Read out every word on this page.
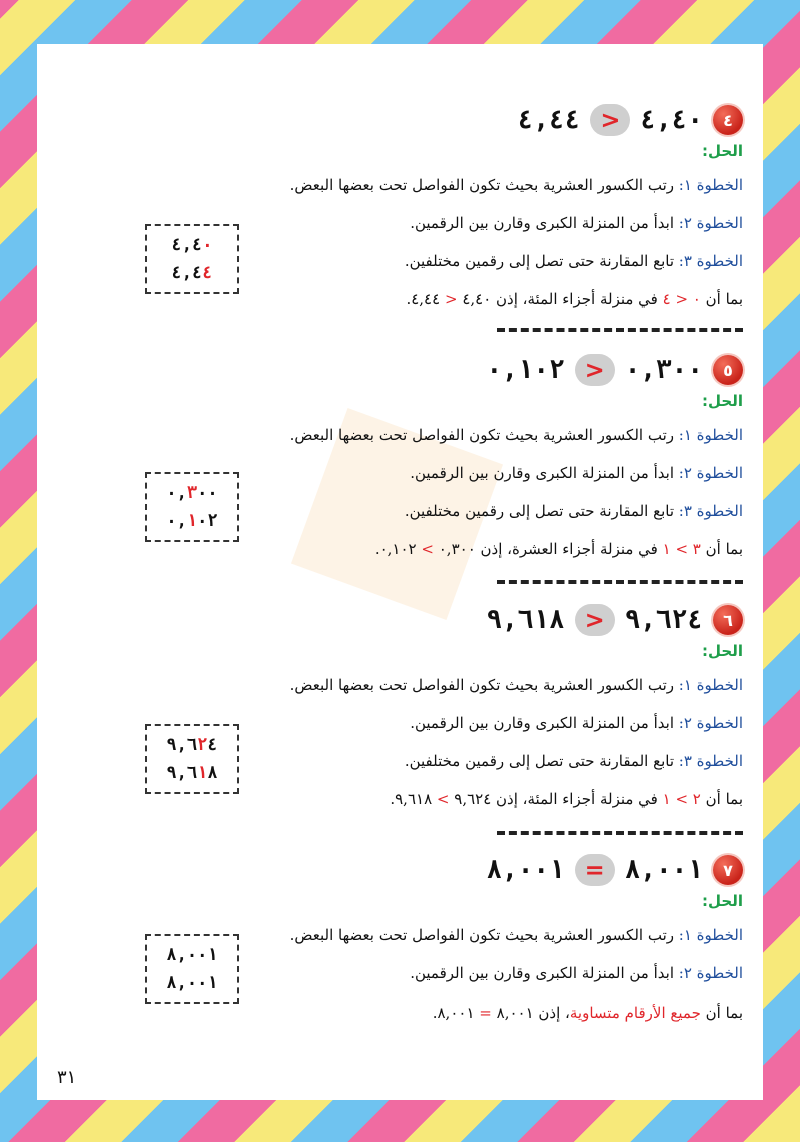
٤
٤,٤٠
>
٤,٤٤
الحل:
الخطوة ١: رتب الكسور العشرية بحيث تكون الفواصل تحت بعضها البعض.
الخطوة ٢: ابدأ من المنزلة الكبرى وقارن بين الرقمين.
الخطوة ٣: تابع المقارنة حتى تصل إلى رقمين مختلفين.
بما أن ٠ < ٤ في منزلة أجزاء المئة، إذن ٤,٤٠ < ٤,٤٤.
٤,٤٠
٤,٤٤
٥
٠,٣٠٠
>
٠,١٠٢
الحل:
الخطوة ١: رتب الكسور العشرية بحيث تكون الفواصل تحت بعضها البعض.
الخطوة ٢: ابدأ من المنزلة الكبرى وقارن بين الرقمين.
الخطوة ٣: تابع المقارنة حتى تصل إلى رقمين مختلفين.
بما أن ٣ > ١ في منزلة أجزاء العشرة، إذن ٠,٣٠٠ > ٠,١٠٢.
٠,٣٠٠
٠,١٠٢
٦
٩,٦٢٤
>
٩,٦١٨
الحل:
الخطوة ١: رتب الكسور العشرية بحيث تكون الفواصل تحت بعضها البعض.
الخطوة ٢: ابدأ من المنزلة الكبرى وقارن بين الرقمين.
الخطوة ٣: تابع المقارنة حتى تصل إلى رقمين مختلفين.
بما أن ٢ > ١ في منزلة أجزاء المئة، إذن ٩,٦٢٤ > ٩,٦١٨.
٩,٦٢٤
٩,٦١٨
٧
٨,٠٠١
=
٨,٠٠١
الحل:
الخطوة ١: رتب الكسور العشرية بحيث تكون الفواصل تحت بعضها البعض.
الخطوة ٢: ابدأ من المنزلة الكبرى وقارن بين الرقمين.
بما أن جميع الأرقام متساوية، إذن ٨,٠٠١ = ٨,٠٠١.
٨,٠٠١
٨,٠٠١
٣١
